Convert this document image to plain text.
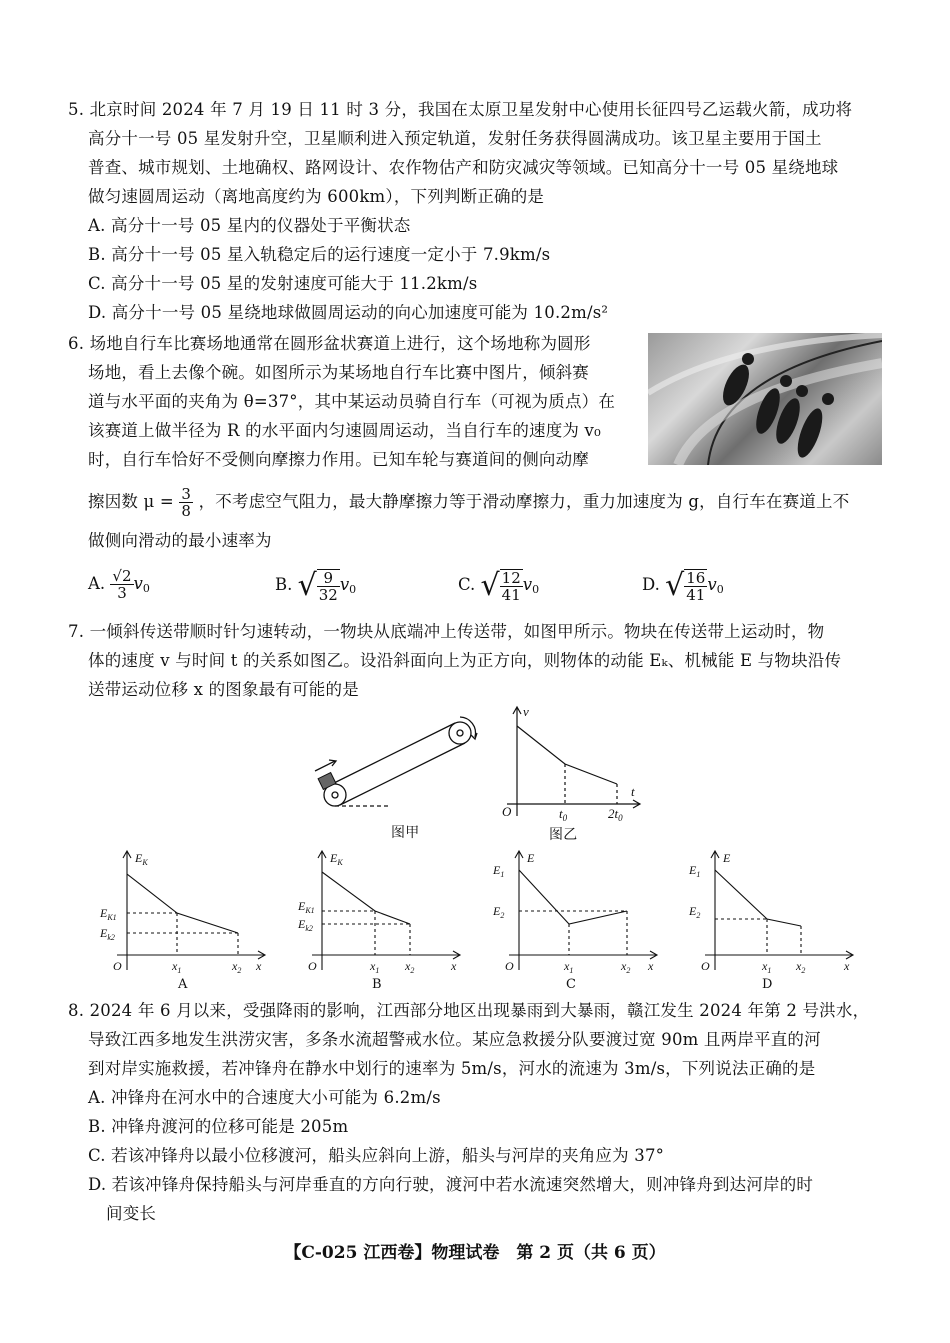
5. 北京时间 2024 年 7 月 19 日 11 时 3 分，我国在太原卫星发射中心使用长征四号乙运载火箭，成功将
高分十一号 05 星发射升空，卫星顺利进入预定轨道，发射任务获得圆满成功。该卫星主要用于国土
普查、城市规划、土地确权、路网设计、农作物估产和防灾减灾等领域。已知高分十一号 05 星绕地球
做匀速圆周运动（离地高度约为 600km），下列判断正确的是
A. 高分十一号 05 星内的仪器处于平衡状态
B. 高分十一号 05 星入轨稳定后的运行速度一定小于 7.9km/s
C. 高分十一号 05 星的发射速度可能大于 11.2km/s
D. 高分十一号 05 星绕地球做圆周运动的向心加速度可能为 10.2m/s²
6. 场地自行车比赛场地通常在圆形盆状赛道上进行，这个场地称为圆形
场地，看上去像个碗。如图所示为某场地自行车比赛中图片，倾斜赛
道与水平面的夹角为 θ=37°，其中某运动员骑自行车（可视为质点）在
该赛道上做半径为 R 的水平面内匀速圆周运动，当自行车的速度为 v₀
时，自行车恰好不受侧向摩擦力作用。已知车轮与赛道间的侧向动摩
擦因数 $\mu = \frac{3}{8}$ ，不考虑空气阻力，最大静摩擦力等于滑动摩擦力，重力加速度为 g，自行车在赛道上不
做侧向滑动的最小速率为
A. $\frac{√2}{3} v_0$	B. √ $\frac{9}{32} v_0$	C. √ $\frac{12}{41} v_0$	D. √ $\frac{16}{41} v_0$
7. 一倾斜传送带顺时针匀速转动，一物块从底端冲上传送带，如图甲所示。物块在传送带上运动时，物
体的速度 v 与时间 t 的关系如图乙。设沿斜面向上为正方向，则物体的动能 Eₖ、机械能 E 与物块沿传
送带运动位移 x 的图象最有可能的是
图甲
v
t
O	$t_0$	$2t_0$
图乙
$E_K$
$E_{K1}$
$E_{k2}$
O	$x_1$	$x_2$ x
A
$E_K$
$E_{K1}$
$E_{k2}$
O	$x_1$ $x_2$	x
B
E
$E_1$
$E_2$
O	$x_1$	$x_2$ x
C
E
$E_1$
$E_2$
O	$x_1$ $x_2$	x
D
8. 2024 年 6 月以来，受强降雨的影响，江西部分地区出现暴雨到大暴雨，赣江发生 2024 年第 2 号洪水，
导致江西多地发生洪涝灾害，多条水流超警戒水位。某应急救援分队要渡过宽 90m 且两岸平直的河
到对岸实施救援，若冲锋舟在静水中划行的速率为 5m/s，河水的流速为 3m/s，下列说法正确的是
A. 冲锋舟在河水中的合速度大小可能为 6.2m/s
B. 冲锋舟渡河的位移可能是 205m
C. 若该冲锋舟以最小位移渡河，船头应斜向上游，船头与河岸的夹角应为 37°
D. 若该冲锋舟保持船头与河岸垂直的方向行驶，渡河中若水流速突然增大，则冲锋舟到达河岸的时
间变长
【C-025 江西卷】物理试卷　第 2 页（共 6 页）
